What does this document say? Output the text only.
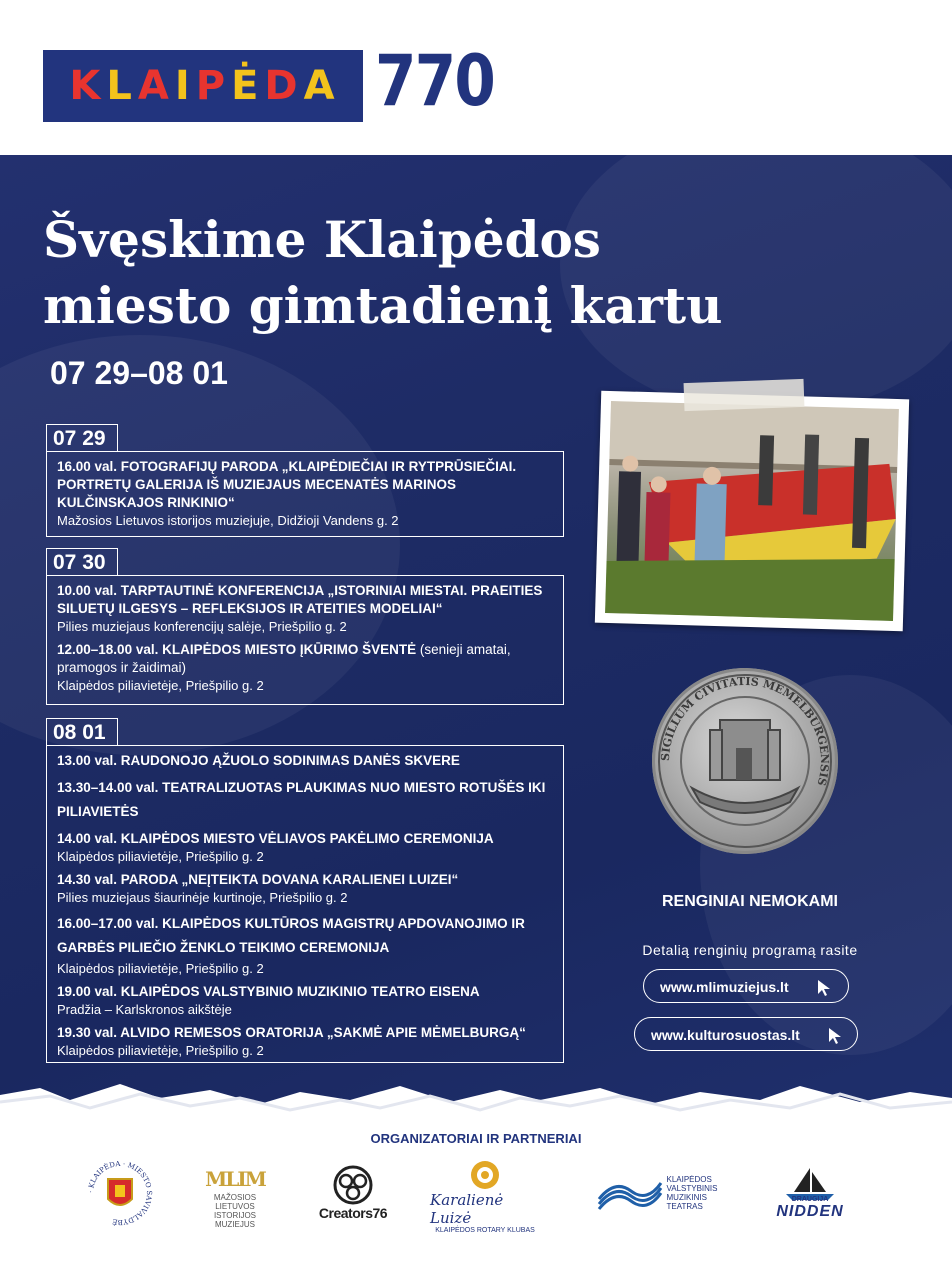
K L A I P Ė D A 770
Švęskime Klaipėdos
miesto gimtadienį kartu
07 29–08 01
07 29
16.00 val. FOTOGRAFIJŲ PARODA „KLAIPĖDIEČIAI IR RYTPRŪSIEČIAI. PORTRETŲ GALERIJA IŠ MUZIEJAUS MECENATĖS MARINOS KULČINSKAJOS RINKINIO“
Mažosios Lietuvos istorijos muziejuje, Didžioji Vandens g. 2
07 30
10.00 val. TARPTAUTINĖ KONFERENCIJA „ISTORINIAI MIESTAI. PRAEITIES SILUETŲ ILGESYS – REFLEKSIJOS IR ATEITIES MODELIAI“
Pilies muziejaus konferencijų salėje, Priešpilio g. 2
12.00–18.00 val. KLAIPĖDOS MIESTO ĮKŪRIMO ŠVENTĖ (senieji amatai, pramogos ir žaidimai)
Klaipėdos piliavietėje, Priešpilio g. 2
08 01
13.00 val. RAUDONOJO ĄŽUOLO SODINIMAS DANĖS SKVERE
13.30–14.00 val. TEATRALIZUOTAS PLAUKIMAS NUO MIESTO ROTUŠĖS IKI PILIAVIETĖS
14.00 val. KLAIPĖDOS MIESTO VĖLIAVOS PAKĖLIMO CEREMONIJA
Klaipėdos piliavietėje, Priešpilio g. 2
14.30 val. PARODA „NEĮTEIKTA DOVANA KARALIENEI LUIZEI“
Pilies muziejaus šiaurinėje kurtinoje, Priešpilio g. 2
16.00–17.00 val. KLAIPĖDOS KULTŪROS MAGISTRŲ APDOVANOJIMO IR GARBĖS PILIEČIO ŽENKLO TEIKIMO CEREMONIJA
Klaipėdos piliavietėje, Priešpilio g. 2
19.00 val. KLAIPĖDOS VALSTYBINIO MUZIKINIO TEATRO EISENA
Pradžia – Karlskronos aikštėje
19.30 val. ALVIDO REMESOS ORATORIJA „SAKMĖ APIE MĖMELBURGĄ“
Klaipėdos piliavietėje, Priešpilio g. 2
SIGILLUM CIVITATIS MEMELBURGENSIS
RENGINIAI NEMOKAMI
Detalią renginių programą rasite
www.mlimuziejus.lt
www.kulturosuostas.lt
ORGANIZATORIAI IR PARTNERIAI
· KLAIPĖDA · MIESTO SAVIVALDYBĖ
MLIM
MAŽOSIOS
LIETUVOS
ISTORIJOS
MUZIEJUS
Creators76
Karalienė Luizė
KLAIPĖDOS ROTARY KLUBAS
KLAIPĖDOS
VALSTYBINIS
MUZIKINIS
TEATRAS
DRAUGIJA
NIDDEN
